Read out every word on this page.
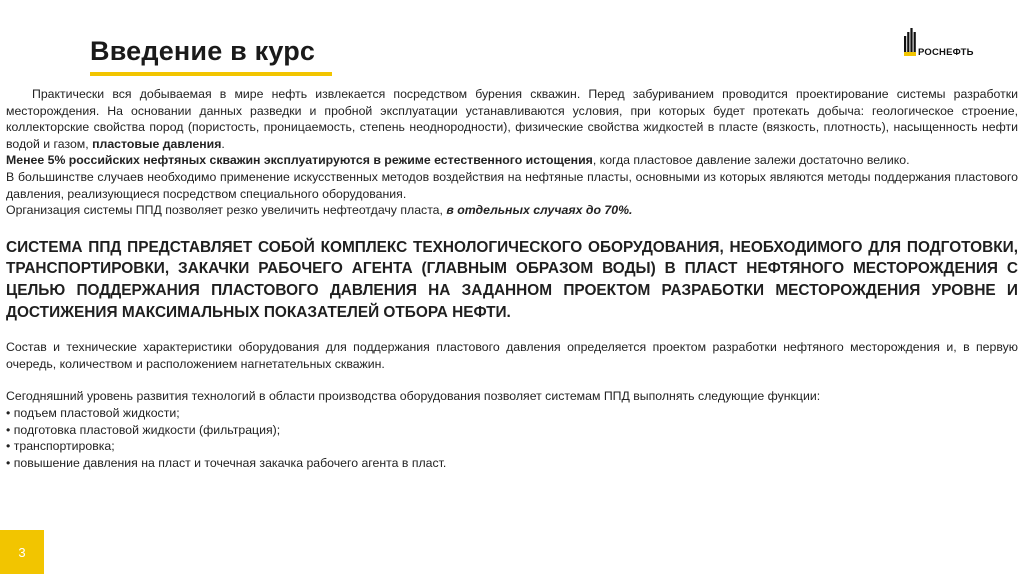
Введение в курс	РОСНЕФТЬ

Практически вся добываемая в мире нефть извлекается посредством бурения скважин. Перед забуриванием проводится проектирование системы разработки месторождения. На основании данных разведки и пробной эксплуатации устанавливаются условия, при которых будет протекать добыча: геологическое строение, коллекторские свойства пород (пористость, проницаемость, степень неоднородности), физические свойства жидкостей в пласте (вязкость, плотность), насыщенность нефти водой и газом, пластовые давления.

Менее 5% российских нефтяных скважин эксплуатируются в режиме естественного истощения, когда пластовое давление залежи достаточно велико.

В большинстве случаев необходимо применение искусственных методов воздействия на нефтяные пласты, основными из которых являются методы поддержания пластового давления, реализующиеся посредством специального оборудования.

Организация системы ППД позволяет резко увеличить нефтеотдачу пласта, в отдельных случаях до 70%.

СИСТЕМА ППД ПРЕДСТАВЛЯЕТ СОБОЙ КОМПЛЕКС ТЕХНОЛОГИЧЕСКОГО ОБОРУДОВАНИЯ, НЕОБХОДИМОГО ДЛЯ ПОДГОТОВКИ, ТРАНСПОРТИРОВКИ, ЗАКАЧКИ РАБОЧЕГО АГЕНТА (ГЛАВНЫМ ОБРАЗОМ ВОДЫ) В ПЛАСТ НЕФТЯНОГО МЕСТОРОЖДЕНИЯ С ЦЕЛЬЮ ПОДДЕРЖАНИЯ ПЛАСТОВОГО ДАВЛЕНИЯ НА ЗАДАННОМ ПРОЕКТОМ РАЗРАБОТКИ МЕСТОРОЖДЕНИЯ УРОВНЕ И ДОСТИЖЕНИЯ МАКСИМАЛЬНЫХ ПОКАЗАТЕЛЕЙ ОТБОРА НЕФТИ.

Состав и технические характеристики оборудования для поддержания пластового давления определяется проектом разработки нефтяного месторождения и, в первую очередь, количеством и расположением нагнетательных скважин.

Сегодняшний уровень развития технологий в области производства оборудования позволяет системам ППД выполнять следующие функции:

• подъем пластовой жидкости;

• подготовка пластовой жидкости (фильтрация);

• транспортировка;

• повышение давления на пласт и точечная закачка рабочего агента в пласт.

3
